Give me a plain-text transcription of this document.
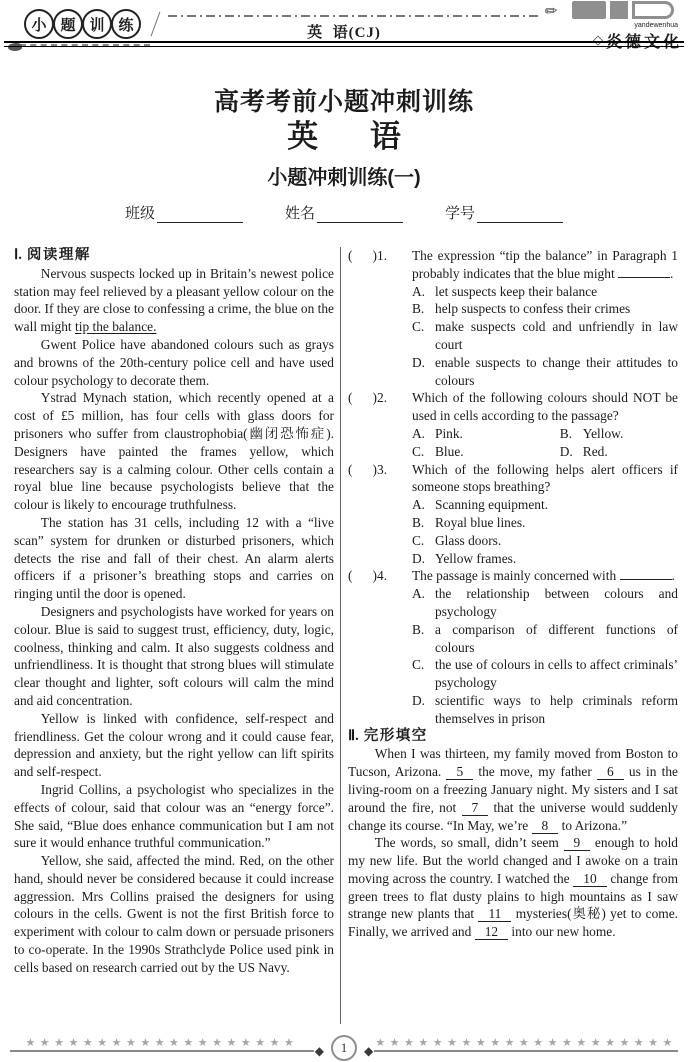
小 题 训 练
✎
英  语(CJ)	yandewenhua
◇ 炎德文化
高考考前小题冲刺训练
英      语
小题冲刺训练(一)
班级	姓名	学号
Ⅰ. 阅读理解

Nervous suspects locked up in Britain’s newest police station may feel relieved by a pleasant yellow colour on the door. If they are close to confessing a crime, the blue on the wall might tip the balance.

Gwent Police have abandoned colours such as grays and browns of the 20th-century police cell and have used colour psychology to decorate them.

Ystrad Mynach station, which recently opened at a cost of £5 million, has four cells with glass doors for prisoners who suffer from claustrophobia(幽闭恐怖症). Designers have painted the frames yellow, which researchers say is a calming colour. Other cells contain a royal blue line because psychologists believe that the colour is likely to encourage truthfulness.

The station has 31 cells, including 12 with a “live scan” system for drunken or disturbed prisoners, which detects the rise and fall of their chest. An alarm alerts officers if a prisoner’s breathing stops and carries on ringing until the door is opened.

Designers and psychologists have worked for years on colour. Blue is said to suggest trust, efficiency, duty, logic, coolness, thinking and calm. It also suggests coldness and unfriendliness. It is thought that strong blues will stimulate clear thought and lighter, soft colours will calm the mind and aid concentration.

Yellow is linked with confidence, self-respect and friendliness. Get the colour wrong and it could cause fear, depression and anxiety, but the right yellow can lift spirits and self-respect.

Ingrid Collins, a psychologist who specializes in the effects of colour, said that colour was an “energy force”. She said, “Blue does enhance communication but I am not sure it would enhance truthful communication.”

Yellow, she said, affected the mind. Red, on the other hand, should never be considered because it could increase aggression. Mrs Collins praised the designers for using colours in the cells. Gwent is not the first British force to experiment with colour to calm down or persuade prisoners to co-operate. In the 1990s Strathclyde Police used pink in cells based on research carried out by the US Navy.

(      )1.	The expression “tip the balance” in Paragraph 1 probably indicates that the blue might	.
A. let suspects keep their balance
B. help suspects to confess their crimes
C. make suspects cold and unfriendly in law court
D. enable suspects to change their attitudes to colours
(      )2.	Which of the following colours should NOT be used in cells according to the passage?
A. Pink.	B. Yellow.
C. Blue.	D. Red.
(      )3.	Which of the following helps alert officers if someone stops breathing?
A. Scanning equipment.
B. Royal blue lines.
C. Glass doors.
D. Yellow frames.
(      )4.	The passage is mainly concerned with	.
A. the relationship between colours and psychology
B. a comparison of different functions of colours
C. the use of colours in cells to affect criminals’ psychology
D. scientific ways to help criminals reform themselves in prison
Ⅱ. 完形填空

When I was thirteen, my family moved from Boston to Tucson, Arizona. 5 the move, my father 6 us in the living-room on a freezing January night. My sisters and I sat around the fire, not 7 that the universe would suddenly change its course. “In May, we’re 8 to Arizona.”

The words, so small, didn’t seem 9 enough to hold my new life. But the world changed and I awoke on a train moving across the country. I watched the 10 change from green trees to flat dusty plains to high mountains as I saw strange new plants that 11 mysteries(奥秘) yet to come. Finally, we arrived and 12 into our new home.

★★★★★★★★★★★★★★★★★★★
◆	1	◆
★★★★★★★★★★★★★★★★★★★★★
